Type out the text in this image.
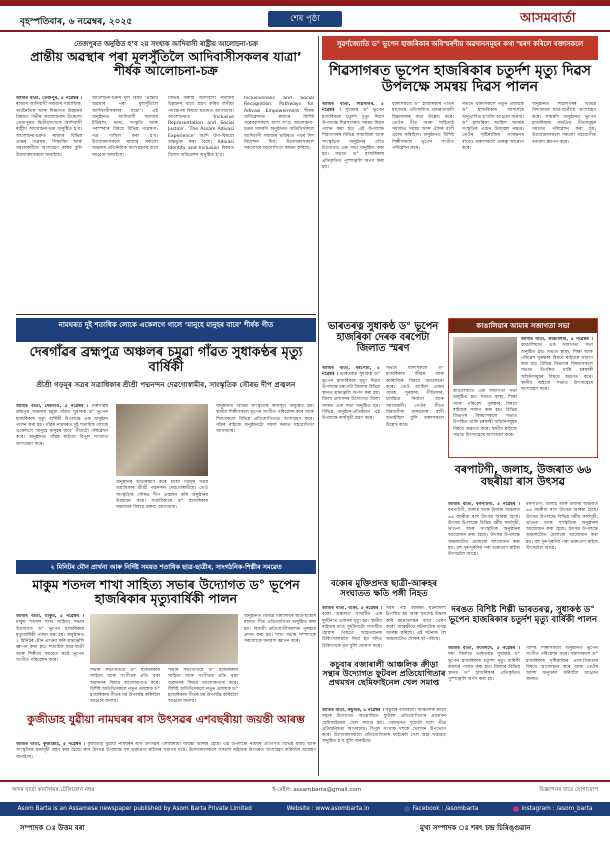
বৃহস্পতিবাৰ, ৬ নৱেম্বৰ, ২০২৫	শেষ পৃষ্ঠা	আসমবাৰ্তা
তেজপুৰত অনুষ্ঠিত হ’ব ২য় সংখ্যক আদিবাসী ৰাষ্ট্ৰীয় আলোচনা-চক্ৰ
প্ৰান্তীয় অৱস্থাৰ পৰা মূলসুঁতিলৈ আদিবাসীসকলৰ যাত্ৰা’ শীৰ্ষক আলোচনা-চক্ৰ
আমাৰ বাৰ্তা, তেজপুৰ, ৫ নৱেম্বৰ । ৰাজ্যৰ আদিবাসী সমাজৰ সামাজিক, অৰ্থনৈতিক আৰু শিক্ষাগত উন্নয়নৰ বিষয়ত গভীৰ আলোচনাৰ উদ্দেশ্যে তেজপুৰত দ্বিতীয়সংখ্যক আদিবাসী ৰাষ্ট্ৰীয় আলোচনা-চক্ৰ অনুষ্ঠিত হ’ব। আলোচনা-চক্ৰত ৰাজ্যৰ বিভিন্ন প্ৰান্তৰ গৱেষক, শিক্ষাবিদ আৰু সমাজকৰ্মীয়ে অংশগ্ৰহণ কৰিব বুলি উদ্যোক্তাসকলে জনাইছে।
আলোচনা-চক্ৰৰ মূল বিষয় ‘প্ৰান্তীয় অৱস্থাৰ পৰা মূলসুঁতিলৈ আদিবাসীসকলৰ যাত্ৰা’। এই অনুষ্ঠানত আদিবাসী সমাজৰ ইতিহাস, ভাষা, সংস্কৃতি আৰু পৰম্পৰাৰ বিষয়ে বিভিন্ন গৱেষণা-পত্ৰ দাখিল কৰা হ’ব। উদ্যোক্তাসকলে ৰাজ্যৰ সকলো অঞ্চলৰ প্ৰতিনিধিক অংশগ্ৰহণৰ বাবে আহ্বান জনাইছে।
বিভিন্ন বক্তাই আদিবাসী সমাজৰ উন্নয়নৰ বাবে গ্ৰহণ কৰিব লগীয়া পদক্ষেপৰ বিষয়ে মতামত আগবঢ়াব। আলোচনাত ‘Inclusive Representation and Social Justice’, ‘The Assam Adivasi Experience’ আদি উপ-বিষয়ো অন্তৰ্ভুক্ত কৰা হৈছে। Adivasi Identity and Inclusion বিষয়ত বিশেষ অধিৱেশন অনুষ্ঠিত হ’ব।
Inclusiveness and Social Recognition: Pathways for Adivasi Empowerment শীৰ্ষক অধিৱেশনত ৰাজ্যৰ বিশিষ্ট গৱেষকসকলে অংশ ল’ব। আলোচনা-চক্ৰৰ সামৰণি অনুষ্ঠানত অতিথিসকলে আদিবাসী সমাজৰ ভৱিষ্যত পথৰ দিশ নিৰ্দেশনা দিব। উদ্যোক্তাসকলে সকলোৰে সহযোগিতা কামনা কৰিছে।
সুৱৰ্ণজ্যোতি ড° ভূপেন হাজৰিকাৰ অবিস্মৰণীয় অৱদানসমূহৰ কথা স্মৰণ কৰিলে বক্তাসকলে
শিৱসাগৰত ভূপেন হাজৰিকাৰ চতুৰ্দশ মৃত্যু দিৱস উপলক্ষে সমন্বয় দিৱস পালন
আমাৰ বাৰ্তা, শিৱসাগৰ, ৫ নৱেম্বৰ । সুধাকণ্ঠ ড° ভূপেন হাজৰিকাৰ চতুৰ্দশ মৃত্যু দিৱস উপলক্ষে শিৱসাগৰত সমন্বয় দিৱস পালন কৰা হয়। এই উপলক্ষে শিৱসাগৰৰ বিভিন্ন সামাজিক আৰু সাংস্কৃতিক অনুষ্ঠানৰ যৌথ উদ্যোগত এক সভা অনুষ্ঠিত কৰা হয়। সভাত ড° হাজৰিকাৰ প্ৰতিকৃতিত পুষ্পাঞ্জলি অৰ্পণ কৰা হয়।
বক্তাসকলে ড° হাজৰিকাৰ গীতৰ মাজেৰে প্ৰতিফলিত মানৱতাবাদী চিন্তাধাৰাৰ কথা উল্লেখ কৰে। তেওঁৰ গীত আৰু সাহিত্যই সমাজত সমন্বয় আৰু ঐক্যৰ বাণী প্ৰচাৰ কৰিছিল। অনুষ্ঠানত বিশিষ্ট শিল্পীসকলে ভূপেন সংগীত পৰিৱেশন কৰে।
সভাত বক্তাসকলে নতুন প্ৰজন্মক ড° হাজৰিকাৰ আদৰ্শেৰে অনুপ্ৰাণিত হ’বলৈ আহ্বান জনায়। ড° হাজৰিকা আছিল অসমৰ সংস্কৃতিৰ এজন উজ্জ্বল নক্ষত্ৰ। তেওঁৰ সৃষ্টিৰাজিৰ সংৰক্ষণৰ বাবেও বক্তাসকলে গুৰুত্ব আৰোপ কৰে।
অনুষ্ঠানত শিৱসাগৰৰ বিভিন্ন বিদ্যালয়ৰ ছাত্ৰ-ছাত্ৰীয়ে অংশগ্ৰহণ কৰে। সামৰণি অনুষ্ঠানত ভূপেন হাজৰিকাৰ জনপ্ৰিয় গীতসমূহৰ সমবেত পৰিৱেশন কৰা হয়। উদ্যোক্তাসকলে সকলো সহযোগীক ধন্যবাদ জ্ঞাপন কৰে।
নামঘৰত দুই শতাধিক লোকে একেলগে গালে ‘মানুহে মানুহৰ বাবে’ শীৰ্ষক গীত
দেৰগাঁৱৰ ব্ৰহ্মপুত্ৰ অঞ্চলৰ চমুৱা গাঁৱত সুধাকণ্ঠৰ মৃত্যু বাৰ্ষিকী
শ্ৰীশ্ৰী গড়মূৰ সত্ৰৰ সত্ৰাধিকাৰ শ্ৰীশ্ৰী পদ্মনন্দন দেৱগোস্বামীৰ, সাংস্কৃতিক সৌৰভ দীপ প্ৰজ্বলন
আমাৰ বাৰ্তা, দেৰগাঁও, ৫ নৱেম্বৰ । দেৰগাঁৱৰ ব্ৰহ্মপুত্ৰ অঞ্চলৰ চমুৱা গাঁৱত সুধাকণ্ঠ ড° ভূপেন হাজৰিকাৰ মৃত্যু বাৰ্ষিকী উপলক্ষে এক অনুষ্ঠান পালন কৰা হয়। গাঁৱৰ নামঘৰত দুই শতাধিক লোকে একেলগে ‘মানুহে মানুহৰ বাবে’ গীতটো পৰিৱেশন কৰে। অনুষ্ঠানত গাঁৱৰ ৰাইজে বিপুল সংখ্যাত অংশগ্ৰহণ কৰে।
অনুষ্ঠানৰ শুভাৰম্ভণি কৰে শ্ৰীশ্ৰী গড়মূৰ সত্ৰৰ সত্ৰাধিকাৰ শ্ৰীশ্ৰী পদ্মনন্দন দেৱগোস্বামীয়ে। তেওঁ সাংস্কৃতিক সৌৰভ দীপ প্ৰজ্বলন কৰি অনুষ্ঠানৰ উদ্বোধন কৰে। সত্ৰাধিকাৰে ড° হাজৰিকাৰ অৱদানৰ বিষয়ে বক্তব্য আগবঢ়ায়।
অনুষ্ঠানত বিভিন্ন সাংস্কৃতিক কাৰ্যসূচী অনুষ্ঠিত হয়। স্থানীয় শিল্পীসকলে ভূপেন সংগীত পৰিৱেশন কৰে আৰু শিশুসকলে বিভিন্ন প্ৰতিযোগিতাত অংশগ্ৰহণ কৰে। গাঁৱৰ ৰাইজে অনুষ্ঠানটো সফল কৰাত সহযোগিতা আগবঢ়ায়।
কাঙালিয়াৰ আমাৰ সজাগতা সভা
আমাৰ বাৰ্তা, কাঙালিয়া, ৫ নৱেম্বৰ । কাঙালিয়াত এক সজাগতা সভা অনুষ্ঠিত হয়। সভাত স্বাস্থ্য, শিক্ষা আৰু পৰিৱেশ সুৰক্ষাৰ বিষয়ে ৰাইজক সজাগ কৰা হয়। বিভিন্ন বিভাগৰ বিষয়াসকলে সভাত উপস্থিত থাকি চৰকাৰী আঁচনিসমূহৰ বিষয়ে অৱগত কৰে। স্থানীয় ৰাইজে সভাত উৎসাহেৰে অংশগ্ৰহণ কৰে।
কাঙালিয়াত এক সজাগতা সভা অনুষ্ঠিত হয়। সভাত স্বাস্থ্য, শিক্ষা আৰু পৰিৱেশ সুৰক্ষাৰ বিষয়ে ৰাইজক সজাগ কৰা হয়। বিভিন্ন বিভাগৰ বিষয়াসকলে সভাত উপস্থিত থাকি চৰকাৰী আঁচনিসমূহৰ বিষয়ে অৱগত কৰে। স্থানীয় ৰাইজে সভাত উৎসাহেৰে অংশগ্ৰহণ কৰে।
ভাৰতৰত্ন সুধাকণ্ঠ ড° ভূপেন হাজৰিকা দেৰক বৰপেটা জিলাত স্মৰণ
আমাৰ বাৰ্তা, বৰপেটা, ৫ নৱেম্বৰ । ভাৰতৰত্ন সুধাকণ্ঠ ড° ভূপেন হাজৰিকাৰ মৃত্যু দিৱস উপলক্ষে বৰপেটা জিলাৰ বিভিন্ন স্থানত শ্ৰদ্ধাঞ্জলি অৰ্পণ কৰা হয়। জিলা প্ৰশাসনৰ উদ্যোগত জিলা সদৰত এক সভা অনুষ্ঠিত হয়। বিভিন্ন অনুষ্ঠান-প্ৰতিষ্ঠানে এই উপলক্ষে কাৰ্যসূচী গ্ৰহণ কৰে।
সভাত বক্তাসকলে ড° হাজৰিকাৰ জীৱন আৰু কৰ্মৰাজিৰ বিষয়ে আলোচনা কৰে। তেওঁ আছিল এজন গায়ক, সুৰকাৰ, গীতিকাৰ, চলচ্চিত্ৰ নিৰ্মাতা আৰু সমাজকৰ্মী। তেওঁৰ গীতে বিশ্ববাসীক মানৱতাৰ বাণী শুনাইছিল বুলি বক্তাসকলে উল্লেখ কৰে।
বৰপাটগী, জলাহ, উজৰাত ৬৬ বছৰীয়া ৰাস উৎসৱ
আমাৰ বাৰ্তা, বৰপাটগী, ৫ নৱেম্বৰ । বৰপাটগী, জলাহ আৰু উজৰা অঞ্চলত ৬৬ বছৰীয়া ৰাস উৎসৱ আৰম্ভ হৈছে। উৎসৱ উপলক্ষে বিভিন্ন ধৰ্মীয় কাৰ্যসূচী, ভাওনা আৰু সাংস্কৃতিক অনুষ্ঠানৰ আয়োজন কৰা হৈছে। উৎসৱ উপলক্ষে অঞ্চলটোত মেলাৰো আয়োজন কৰা হয়। বহু দূৰ-দূৰণিৰ পৰা ভক্তপ্ৰাণ ৰাইজ উৎসৱলৈ আহে।
বৰপাটগী, জলাহ আৰু উজৰা অঞ্চলত ৬৬ বছৰীয়া ৰাস উৎসৱ আৰম্ভ হৈছে। উৎসৱ উপলক্ষে বিভিন্ন ধৰ্মীয় কাৰ্যসূচী, ভাওনা আৰু সাংস্কৃতিক অনুষ্ঠানৰ আয়োজন কৰা হৈছে। উৎসৱ উপলক্ষে অঞ্চলটোত মেলাৰো আয়োজন কৰা হয়। বহু দূৰ-দূৰণিৰ পৰা ভক্তপ্ৰাণ ৰাইজ উৎসৱলৈ আহে।
২ মিনিটৰ মৌন প্ৰাৰ্থনা আৰু নিৰ্দিষ্ট সময়ত শতাধিক ছাত্ৰ-ছাত্ৰীৰ, সাংগঠনিক-শিল্পীৰ সমৱেত
মাকুম শতদল শাখা সাহিত্য সভাৰ উদ্যোগত ড° ভূপেন হাজৰিকাৰ মৃত্যুবাৰ্ষিকী পালন
আমাৰ বাৰ্তা, মাকুম, ৫ নৱেম্বৰ । মাকুম শতদল শাখা সাহিত্য সভাৰ উদ্যোগত ড° ভূপেন হাজৰিকাৰ মৃত্যুবাৰ্ষিকী পালন কৰা হয়। অনুষ্ঠানত ২ মিনিটৰ মৌন প্ৰাৰ্থনা কৰি শ্ৰদ্ধাঞ্জলি জ্ঞাপন কৰা হয়। শতাধিক ছাত্ৰ-ছাত্ৰী আৰু শিল্পীয়ে সমৱেত কণ্ঠে ভূপেন সংগীত পৰিৱেশন কৰে।
সভাৰ সভাপতিয়ে ড° হাজৰিকাৰ সাহিত্য আৰু সংগীতৰ প্ৰতি থকা অৱদানৰ বিষয়ে আলোকপাত কৰে। বিশিষ্ট অতিথিসকলে নতুন প্ৰজন্মক ড° হাজৰিকাৰ গীতৰ মৰ্ম উপলব্ধি কৰিবলৈ আহ্বান জনায়।
সভাৰ সভাপতিয়ে ড° হাজৰিকাৰ সাহিত্য আৰু সংগীতৰ প্ৰতি থকা অৱদানৰ বিষয়ে আলোকপাত কৰে। বিশিষ্ট অতিথিসকলে নতুন প্ৰজন্মক ড° হাজৰিকাৰ গীতৰ মৰ্ম উপলব্ধি কৰিবলৈ আহ্বান জনায়।
অনুষ্ঠানত বিভিন্ন বিদ্যালয়ৰ ছাত্ৰ-ছাত্ৰীৰ মাজত গীত প্ৰতিযোগিতা অনুষ্ঠিত কৰা হয়। বিজয়ী প্ৰতিযোগীসকলক পুৰস্কাৰ প্ৰদান কৰা হয়। শাখা সভাৰ সম্পাদকে সকলোকে ধন্যবাদ জ্ঞাপন কৰে।
বকোৰ মুক্তিপ্ৰদত্ত ছাত্ৰী-আৰুহৰ সংঘাতত ক্ষতি পঙ্গী নিহত
আমাৰ বাৰ্তা, বকো, ৫ নৱেম্বৰ । বকো অঞ্চলত সংঘটিত এক দুৰ্ঘটনাত এজনৰ মৃত্যু হয়। স্থানীয় ৰাইজৰ মতে দুৰ্ঘটনাটো সংঘটিত হোৱাৰ পিছতে আহতজনক চিকিৎসালয়লৈ নিয়া হয় যদিও চিকিৎসকে মৃত বুলি ঘোষণা কৰে।
খবৰ পাই আৰক্ষী ঘটনাস্থলী উপস্থিত হয় আৰু মৃতদেহ উদ্ধাৰ কৰি ময়নাতদন্তৰ বাবে প্ৰেৰণ কৰে। আৰক্ষীয়ে ঘটনাটোৰ তদন্ত আৰম্ভ কৰিছে। এই ঘটনাক লৈ অঞ্চলটোত শোকৰ ছাঁ পৰিছে।
দৰঙত বিশিষ্ট শিল্পী ভাৰতৰত্ন, সুধাকণ্ঠ ড° ভূপেন হাজৰিকাৰ চতুৰ্দশ মৃত্যু বাৰ্ষিকী পালন
আমাৰ বাৰ্তা, মংগলদৈ, ৫ নৱেম্বৰ । দৰং জিলাত ভাৰতৰত্ন সুধাকণ্ঠ ড° ভূপেন হাজৰিকাৰ চতুৰ্দশ মৃত্যু বাৰ্ষিকী শ্ৰদ্ধাৰে পালন কৰা হয়। জিলাৰ বিভিন্ন স্থানত ড° হাজৰিকাৰ প্ৰতিকৃতিত পুষ্পাঞ্জলি অৰ্পণ কৰা হয়।
বিশিষ্ট শিল্পীসকলে অনুষ্ঠানত ভূপেন সংগীত পৰিৱেশন কৰে। বক্তাসকলে ড° হাজৰিকাৰ সৃষ্টিৰাজিৰ প্ৰাসংগিকতাৰ বিষয়ে আলোচনা কৰে আৰু তেওঁৰ আদৰ্শ অনুসৰণ কৰিবলৈ আহ্বান জনায়।
কচুবাৰ বজাৰালী আঞ্চলিক ক্ৰীড়া সন্থাৰ উদ্যোগত ফুটবল প্ৰতিযোগিতাৰ প্ৰথমখন ছেমিফাইনেল খেল সমাপ্ত
আমাৰ বাৰ্তা, কচুবাৰ, ৫ নৱেম্বৰ । কচুবাৰ বজাৰালী আঞ্চলিক ক্ৰীড়া সন্থাৰ উদ্যোগত আয়োজিত ফুটবল প্ৰতিযোগিতাৰ প্ৰথমখন ছেমিফাইনেল খেল সমাপ্ত হয়। খেলখনত দুয়োটা দলে তীব্ৰ প্ৰতিদ্বন্দ্বিতা আগবঢ়ায়। বিপুল সংখ্যক দৰ্শকে খেলখন উপভোগ কৰে। উদ্যোক্তাসকলে প্ৰতিযোগিতাৰ ফাইনেল খেল অহা সপ্তাহত অনুষ্ঠিত হ’ব বুলি জনাইছে।
কুজীডাহ যুৱীয়া নামঘৰৰ ৰাস উৎসৱৰ এশবছৰীয়া জয়ন্তী আৰম্ভ
আমাৰ বাৰ্তা, কুজীডাহ, ৫ নৱেম্বৰ । কুজীডাহ যুৱীয়া নামঘৰৰ ৰাস উৎসৱৰ এশবছৰীয়া জয়ন্তী আৰম্ভ হৈছে। এই উপলক্ষে নামঘৰ প্ৰাংগণত বিভিন্ন ধৰ্মীয় আৰু সাংস্কৃতিক কাৰ্যসূচী গ্ৰহণ কৰা হৈছে। ৰাস উৎসৱ উপলক্ষে বহু ভক্তপ্ৰাণ ৰাইজৰ সমাগম ঘটে। উদ্যোক্তাসকলে সকলো ৰাইজক উৎসৱত অংশগ্ৰহণ কৰিবলৈ আমন্ত্ৰণ জনাইছে।
অসম বাৰ্তা কাৰ্যালয়ৰ টেলিফোন নম্বৰ	ই-মেইল: assambarta@gmail.com	বিজ্ঞাপনৰ বাবে যোগাযোগ
Asom Barta is an Assamese newspaper published by Asom Barta Private Limited	Website : www.asombarta.in	Facebook : /asombarta	Instagram : /asom_barta
সম্পাদক ঃ উত্তম বৰা	মুখ্য সম্পাদক ঃ শৰৎ চন্দ্ৰ চিৰিঙ্গুৱান
